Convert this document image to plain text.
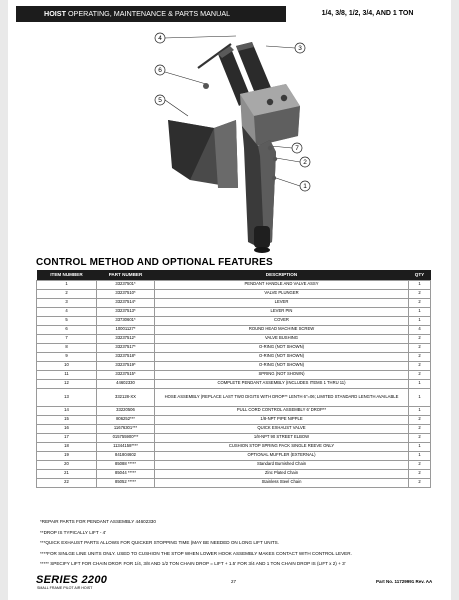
HOIST OPERATING, MAINTENANCE & PARTS MANUAL	1/4, 3/8, 1/2, 3/4, AND 1 TON
4
3
6
5
7
2
1
CONTROL METHOD AND OPTIONAL FEATURES
ITEM NUMBER	PART NUMBER	DESCRIPTION	QTY
1	33237501*	PENDANT HANDLE AND VALVE ASSY	1
2	33237510*	VALVE PLUNGER	2
3	33237514*	LEVER	2
4	33237513*	LEVER PIN	1
5	33730601*	COVER	1
6	10001127*	ROUND HEAD MACHINE SCREW	4
7	33237512*	VALVE BUSHING	2
8	33237517*	O-RING (NOT SHOWN)	2
9	33237518*	O-RING (NOT SHOWN)	2
10	33237519*	O-RING (NOT SHOWN)	2
11	33237515*	SPRING (NOT SHOWN)	2
12	44602330	COMPLETE PENDANT ASSEMBLY (INCLUDES ITEMS 1 THRU 11)	1
13	332128-XX	HOSE ASSEMBLY (REPLACE LAST TWO DIGITS WITH DROP** LENTH 6"=06; LIMITED STANDARD LENGTH AVAILABLE	1
14	33220506	PULL CORD CONTROL ASSEMBLY 6' DROP**	1
15	806252***	1/8-NPT PIPE NIPPLE	2
16	11676301***	QUICK EXHAUST VALVE	2
17	015755900***	1/8-NPT 90 STREET ELBOW	2
18	11344158****	CUSHION STOP SPRING PACK SINGLE REEVE ONLY	1
19	841804602	OPTIONAL MUFFLER (EXTERNAL)	1
20	85088 *****	Standard Burnished Chain	2
21	85044 *****	Zinc Plated Chain	2
22	85052 *****	Stainless Steel Chain	2
*REPAIR PARTS FOR PENDANT ASSEMBLY 44602330
**DROP IS TYPICALLY LIFT - 4'
***QUICK EXHAUST PARTS ALLOWS FOR QUICKER STOPPING TIME (MAY BE NEEDED ON LONG LIFT UNITS.
****FOR SINLGE LINE UNITS ONLY. USED TO CUSHION THE STOP WHEN LOWER HOOK ASSEMBLY MAKES CONTACT WITH CONTROL LEVER.
***** SPECIFY LIFT FOR CHAIN DROP. FOR 1/4, 3/8 AND 1/2 TON CHAIN DROP = LIFT + 1.5' FOR 3/4 AND 1 TON CHAIN DROP IS (LIFT x 2) + 3'
SERIES 2200
SMALL FRAME PILOT AIR HOIST
27	Part No. 11729991 Rev. AA
